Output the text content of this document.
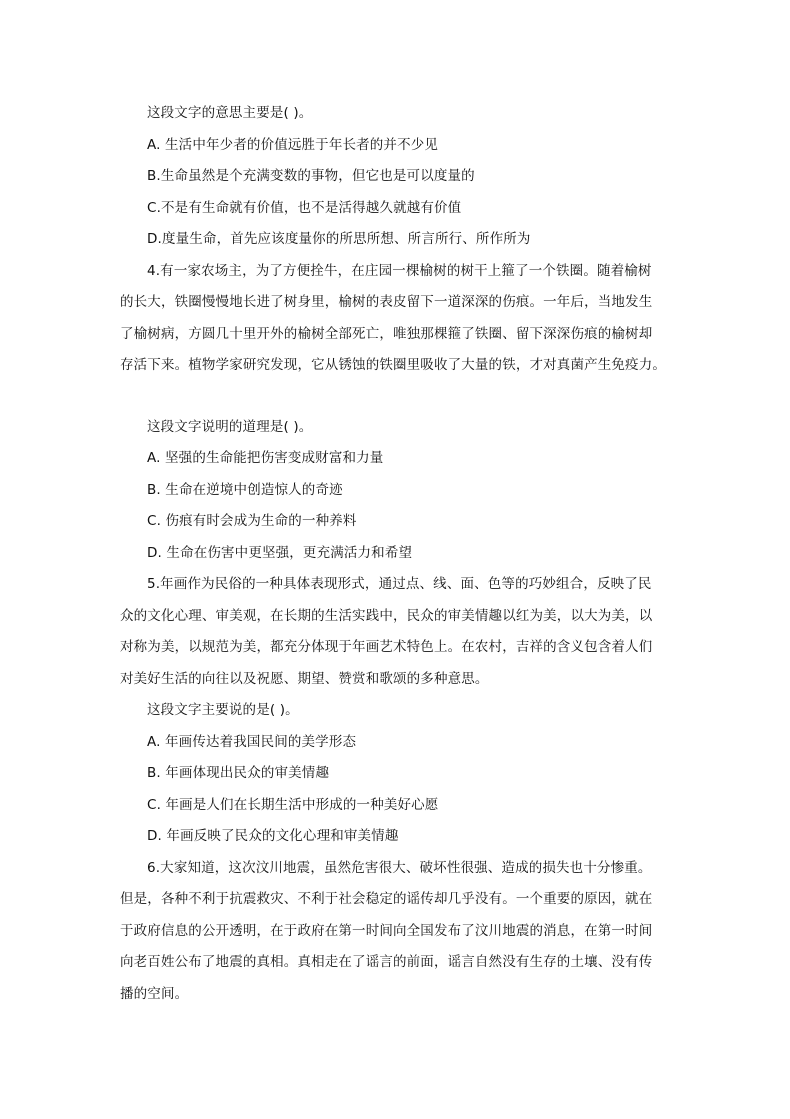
这段文字的意思主要是( )。
A. 生活中年少者的价值远胜于年长者的并不少见
B.生命虽然是个充满变数的事物，但它也是可以度量的
C.不是有生命就有价值，也不是活得越久就越有价值
D.度量生命，首先应该度量你的所思所想、所言所行、所作所为
4.有一家农场主，为了方便拴牛，在庄园一棵榆树的树干上箍了一个铁圈。随着榆树
的长大，铁圈慢慢地长进了树身里，榆树的表皮留下一道深深的伤痕。一年后，当地发生
了榆树病，方圆几十里开外的榆树全部死亡，唯独那棵箍了铁圈、留下深深伤痕的榆树却
存活下来。植物学家研究发现，它从锈蚀的铁圈里吸收了大量的铁，才对真菌产生免疫力。
这段文字说明的道理是( )。
A. 坚强的生命能把伤害变成财富和力量
B. 生命在逆境中创造惊人的奇迹
C. 伤痕有时会成为生命的一种养料
D. 生命在伤害中更坚强，更充满活力和希望
5.年画作为民俗的一种具体表现形式，通过点、线、面、色等的巧妙组合，反映了民
众的文化心理、审美观，在长期的生活实践中，民众的审美情趣以红为美，以大为美，以
对称为美，以规范为美，都充分体现于年画艺术特色上。在农村，吉祥的含义包含着人们
对美好生活的向往以及祝愿、期望、赞赏和歌颂的多种意思。
这段文字主要说的是( )。
A. 年画传达着我国民间的美学形态
B. 年画体现出民众的审美情趣
C. 年画是人们在长期生活中形成的一种美好心愿
D. 年画反映了民众的文化心理和审美情趣
6.大家知道，这次汶川地震，虽然危害很大、破坏性很强、造成的损失也十分惨重。
但是，各种不利于抗震救灾、不利于社会稳定的谣传却几乎没有。一个重要的原因，就在
于政府信息的公开透明，在于政府在第一时间向全国发布了汶川地震的消息，在第一时间
向老百姓公布了地震的真相。真相走在了谣言的前面，谣言自然没有生存的土壤、没有传
播的空间。
